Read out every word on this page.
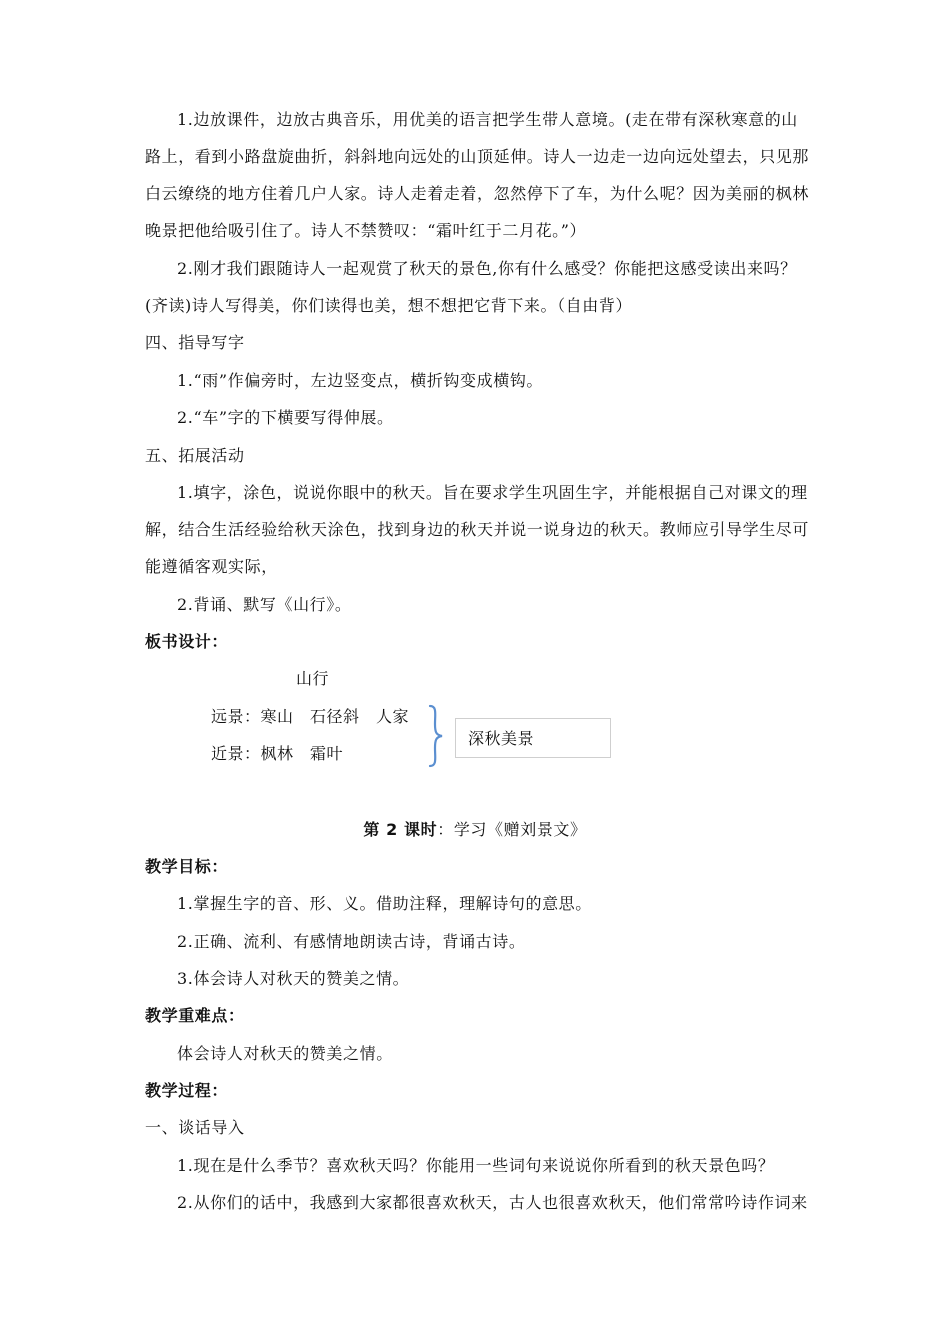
1.边放课件，边放古典音乐，用优美的语言把学生带人意境。(走在带有深秋寒意的山
路上，看到小路盘旋曲折，斜斜地向远处的山顶延伸。诗人一边走一边向远处望去，只见那
白云缭绕的地方住着几户人家。诗人走着走着，忽然停下了车，为什么呢？因为美丽的枫林
晚景把他给吸引住了。诗人不禁赞叹：“霜叶红于二月花。”）
2.刚才我们跟随诗人一起观赏了秋天的景色,你有什么感受？你能把这感受读出来吗？
(齐读)诗人写得美，你们读得也美，想不想把它背下来。（自由背）
四、指导写字
1.“雨”作偏旁时，左边竖变点，横折钩变成横钩。
2.“车”字的下横要写得伸展。
五、拓展活动
1.填字，涂色，说说你眼中的秋天。旨在要求学生巩固生字，并能根据自己对课文的理
解，结合生活经验给秋天涂色，找到身边的秋天并说一说身边的秋天。教师应引导学生尽可
能遵循客观实际，
2.背诵、默写《山行》。
板书设计：
山行
远景：寒山　石径斜　人家
近景：枫林　霜叶
深秋美景
第 2 课时：学习《赠刘景文》
教学目标：
1.掌握生字的音、形、义。借助注释，理解诗句的意思。
2.正确、流利、有感情地朗读古诗，背诵古诗。
3.体会诗人对秋天的赞美之情。
教学重难点：
体会诗人对秋天的赞美之情。
教学过程：
一、谈话导入
1.现在是什么季节？喜欢秋天吗？你能用一些词句来说说你所看到的秋天景色吗？
2.从你们的话中，我感到大家都很喜欢秋天，古人也很喜欢秋天，他们常常吟诗作词来
